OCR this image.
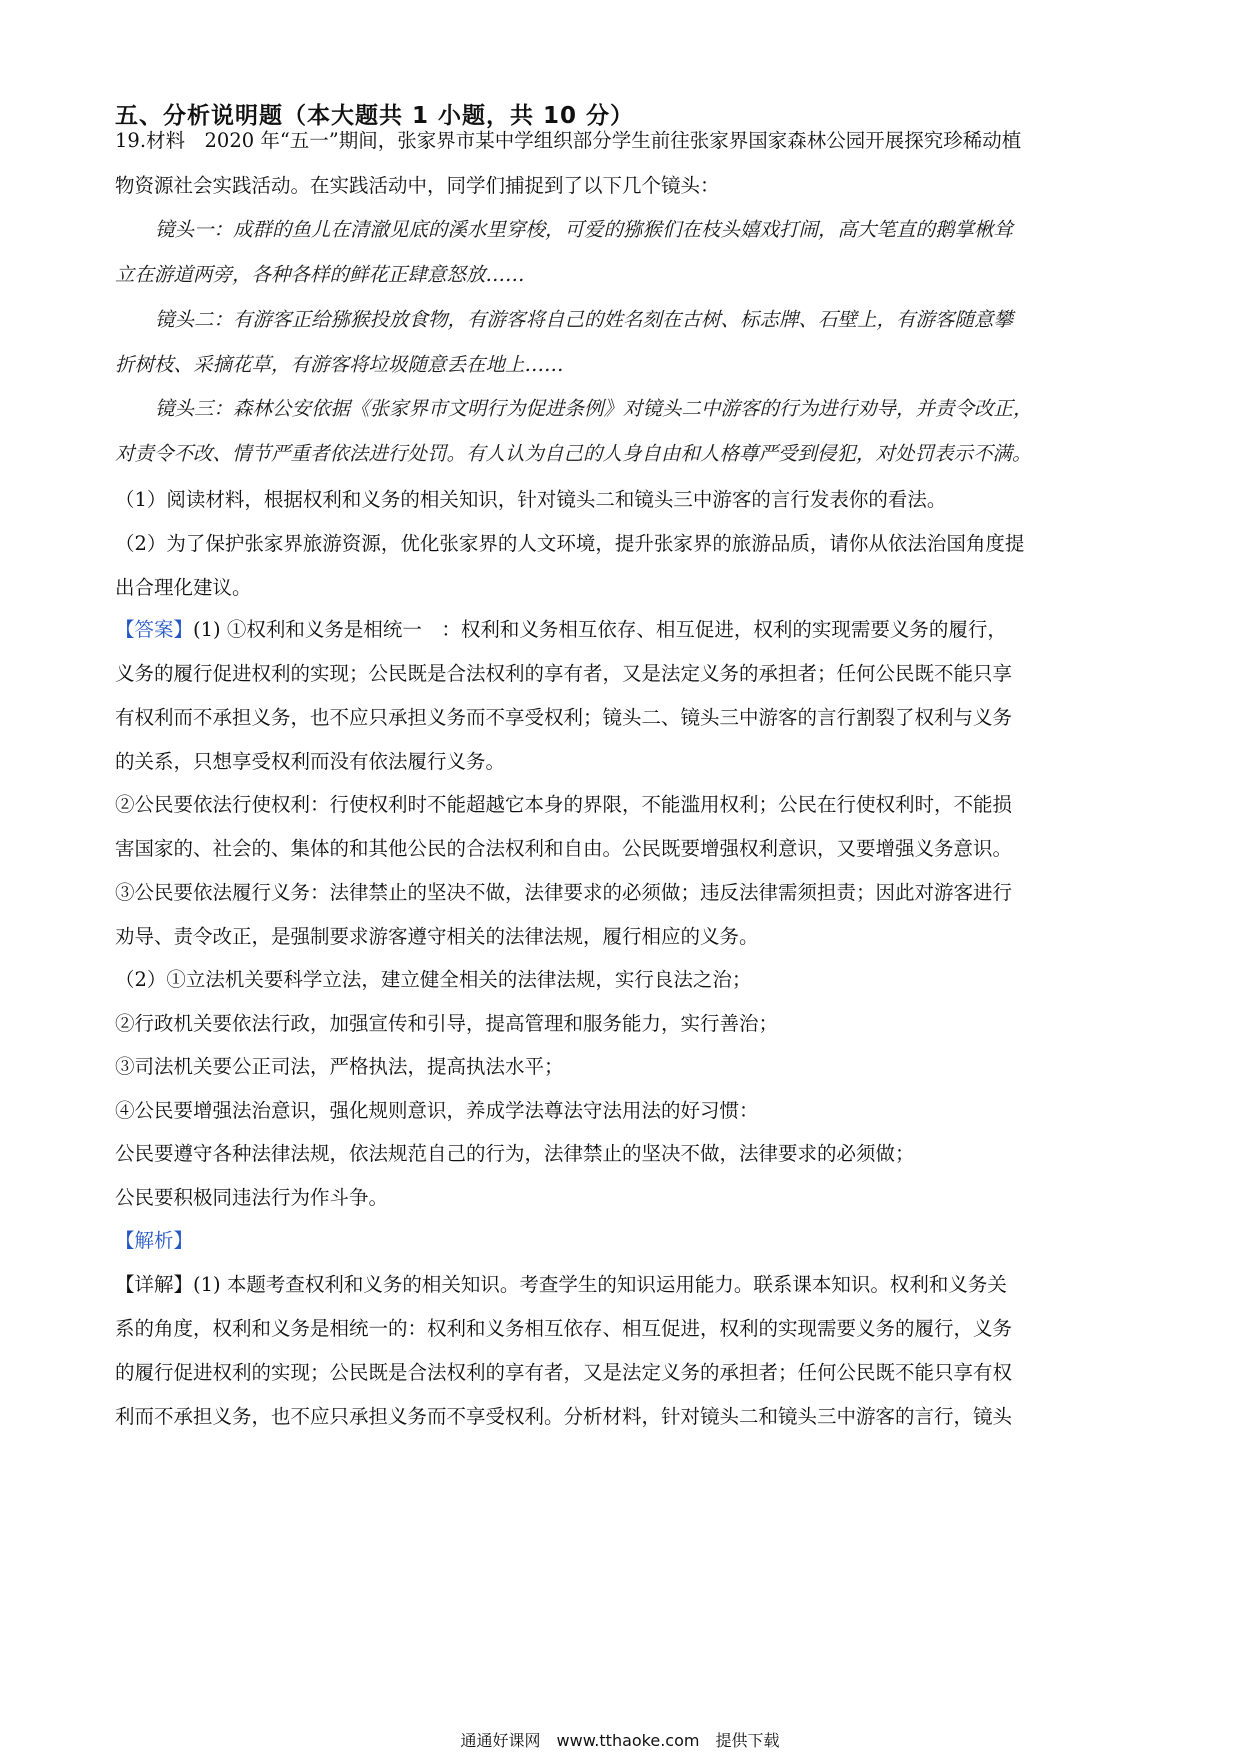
五、分析说明题（本大题共 1 小题，共 10 分）
19.材料　2020 年“五一”期间，张家界市某中学组织部分学生前往张家界国家森林公园开展探究珍稀动植
物资源社会实践活动。在实践活动中，同学们捕捉到了以下几个镜头：
镜头一：成群的鱼儿在清澈见底的溪水里穿梭，可爱的猕猴们在枝头嬉戏打闹，高大笔直的鹅掌楸耸
立在游道两旁，各种各样的鲜花正肆意怒放……
镜头二：有游客正给猕猴投放食物，有游客将自己的姓名刻在古树、标志牌、石壁上，有游客随意攀
折树枝、采摘花草，有游客将垃圾随意丢在地上……
镜头三：森林公安依据《张家界市文明行为促进条例》对镜头二中游客的行为进行劝导，并责令改正，
对责令不改、情节严重者依法进行处罚。有人认为自己的人身自由和人格尊严受到侵犯，对处罚表示不满。
（1）阅读材料，根据权利和义务的相关知识，针对镜头二和镜头三中游客的言行发表你的看法。
（2）为了保护张家界旅游资源，优化张家界的人文环境，提升张家界的旅游品质，请你从依法治国角度提
出合理化建议。
【答案】(1) ①权利和义务是相统一　：权利和义务相互依存、相互促进，权利的实现需要义务的履行，
义务的履行促进权利的实现；公民既是合法权利的享有者，又是法定义务的承担者；任何公民既不能只享
有权利而不承担义务，也不应只承担义务而不享受权利；镜头二、镜头三中游客的言行割裂了权利与义务
的关系，只想享受权利而没有依法履行义务。
②公民要依法行使权利：行使权利时不能超越它本身的界限，不能滥用权利；公民在行使权利时，不能损
害国家的、社会的、集体的和其他公民的合法权利和自由。公民既要增强权利意识，又要增强义务意识。
③公民要依法履行义务：法律禁止的坚决不做，法律要求的必须做；违反法律需须担责；因此对游客进行
劝导、责令改正，是强制要求游客遵守相关的法律法规，履行相应的义务。
（2）①立法机关要科学立法，建立健全相关的法律法规，实行良法之治；
②行政机关要依法行政，加强宣传和引导，提高管理和服务能力，实行善治；
③司法机关要公正司法，严格执法，提高执法水平；
④公民要增强法治意识，强化规则意识，养成学法尊法守法用法的好习惯：
公民要遵守各种法律法规，依法规范自己的行为，法律禁止的坚决不做，法律要求的必须做；
公民要积极同违法行为作斗争。
【解析】
【详解】(1) 本题考查权利和义务的相关知识。考查学生的知识运用能力。联系课本知识。权利和义务关
系的角度，权利和义务是相统一的：权利和义务相互依存、相互促进，权利的实现需要义务的履行，义务
的履行促进权利的实现；公民既是合法权利的享有者，又是法定义务的承担者；任何公民既不能只享有权
利而不承担义务，也不应只承担义务而不享受权利。分析材料，针对镜头二和镜头三中游客的言行，镜头
通通好课网　www.tthaoke.com　提供下载
